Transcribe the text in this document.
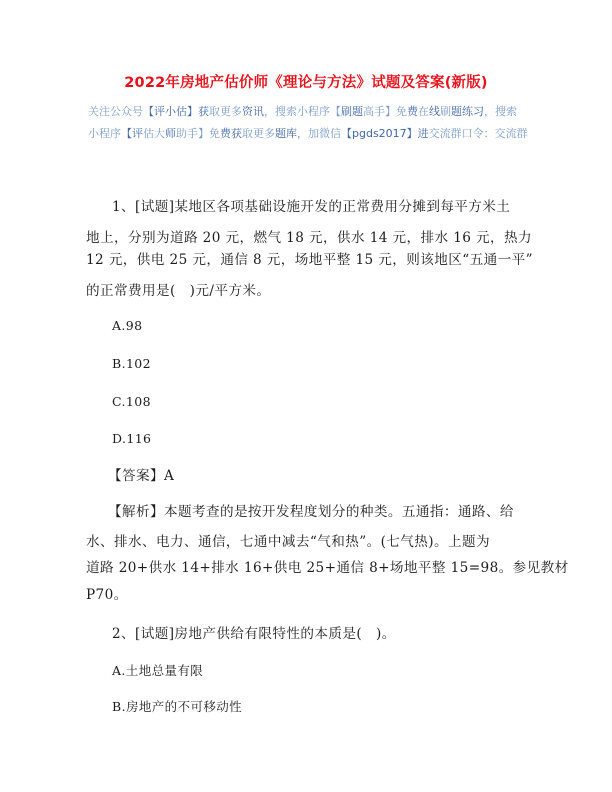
2022年房地产估价师《理论与方法》试题及答案(新版)
关注公众号【评小估】获取更多资讯，搜索小程序【刷题高手】免费在线刷题练习，搜索
小程序【评估大师助手】免费获取更多题库，加微信【pgds2017】进交流群口令：交流群
1、[试题]某地区各项基础设施开发的正常费用分摊到每平方米土
地上，分别为道路 20 元，燃气 18 元，供水 14 元，排水 16 元，热力
12 元，供电 25 元，通信 8 元，场地平整 15 元，则该地区“五通一平”
的正常费用是(　)元/平方米。
A.98
B.102
C.108
D.116
【答案】A
【解析】本题考查的是按开发程度划分的种类。五通指：通路、给
水、排水、电力、通信，七通中减去“气和热”。(七气热)。上题为
道路 20+供水 14+排水 16+供电 25+通信 8+场地平整 15=98。参见教材
P70。
2、[试题]房地产供给有限特性的本质是(　)。
A.土地总量有限
B.房地产的不可移动性
